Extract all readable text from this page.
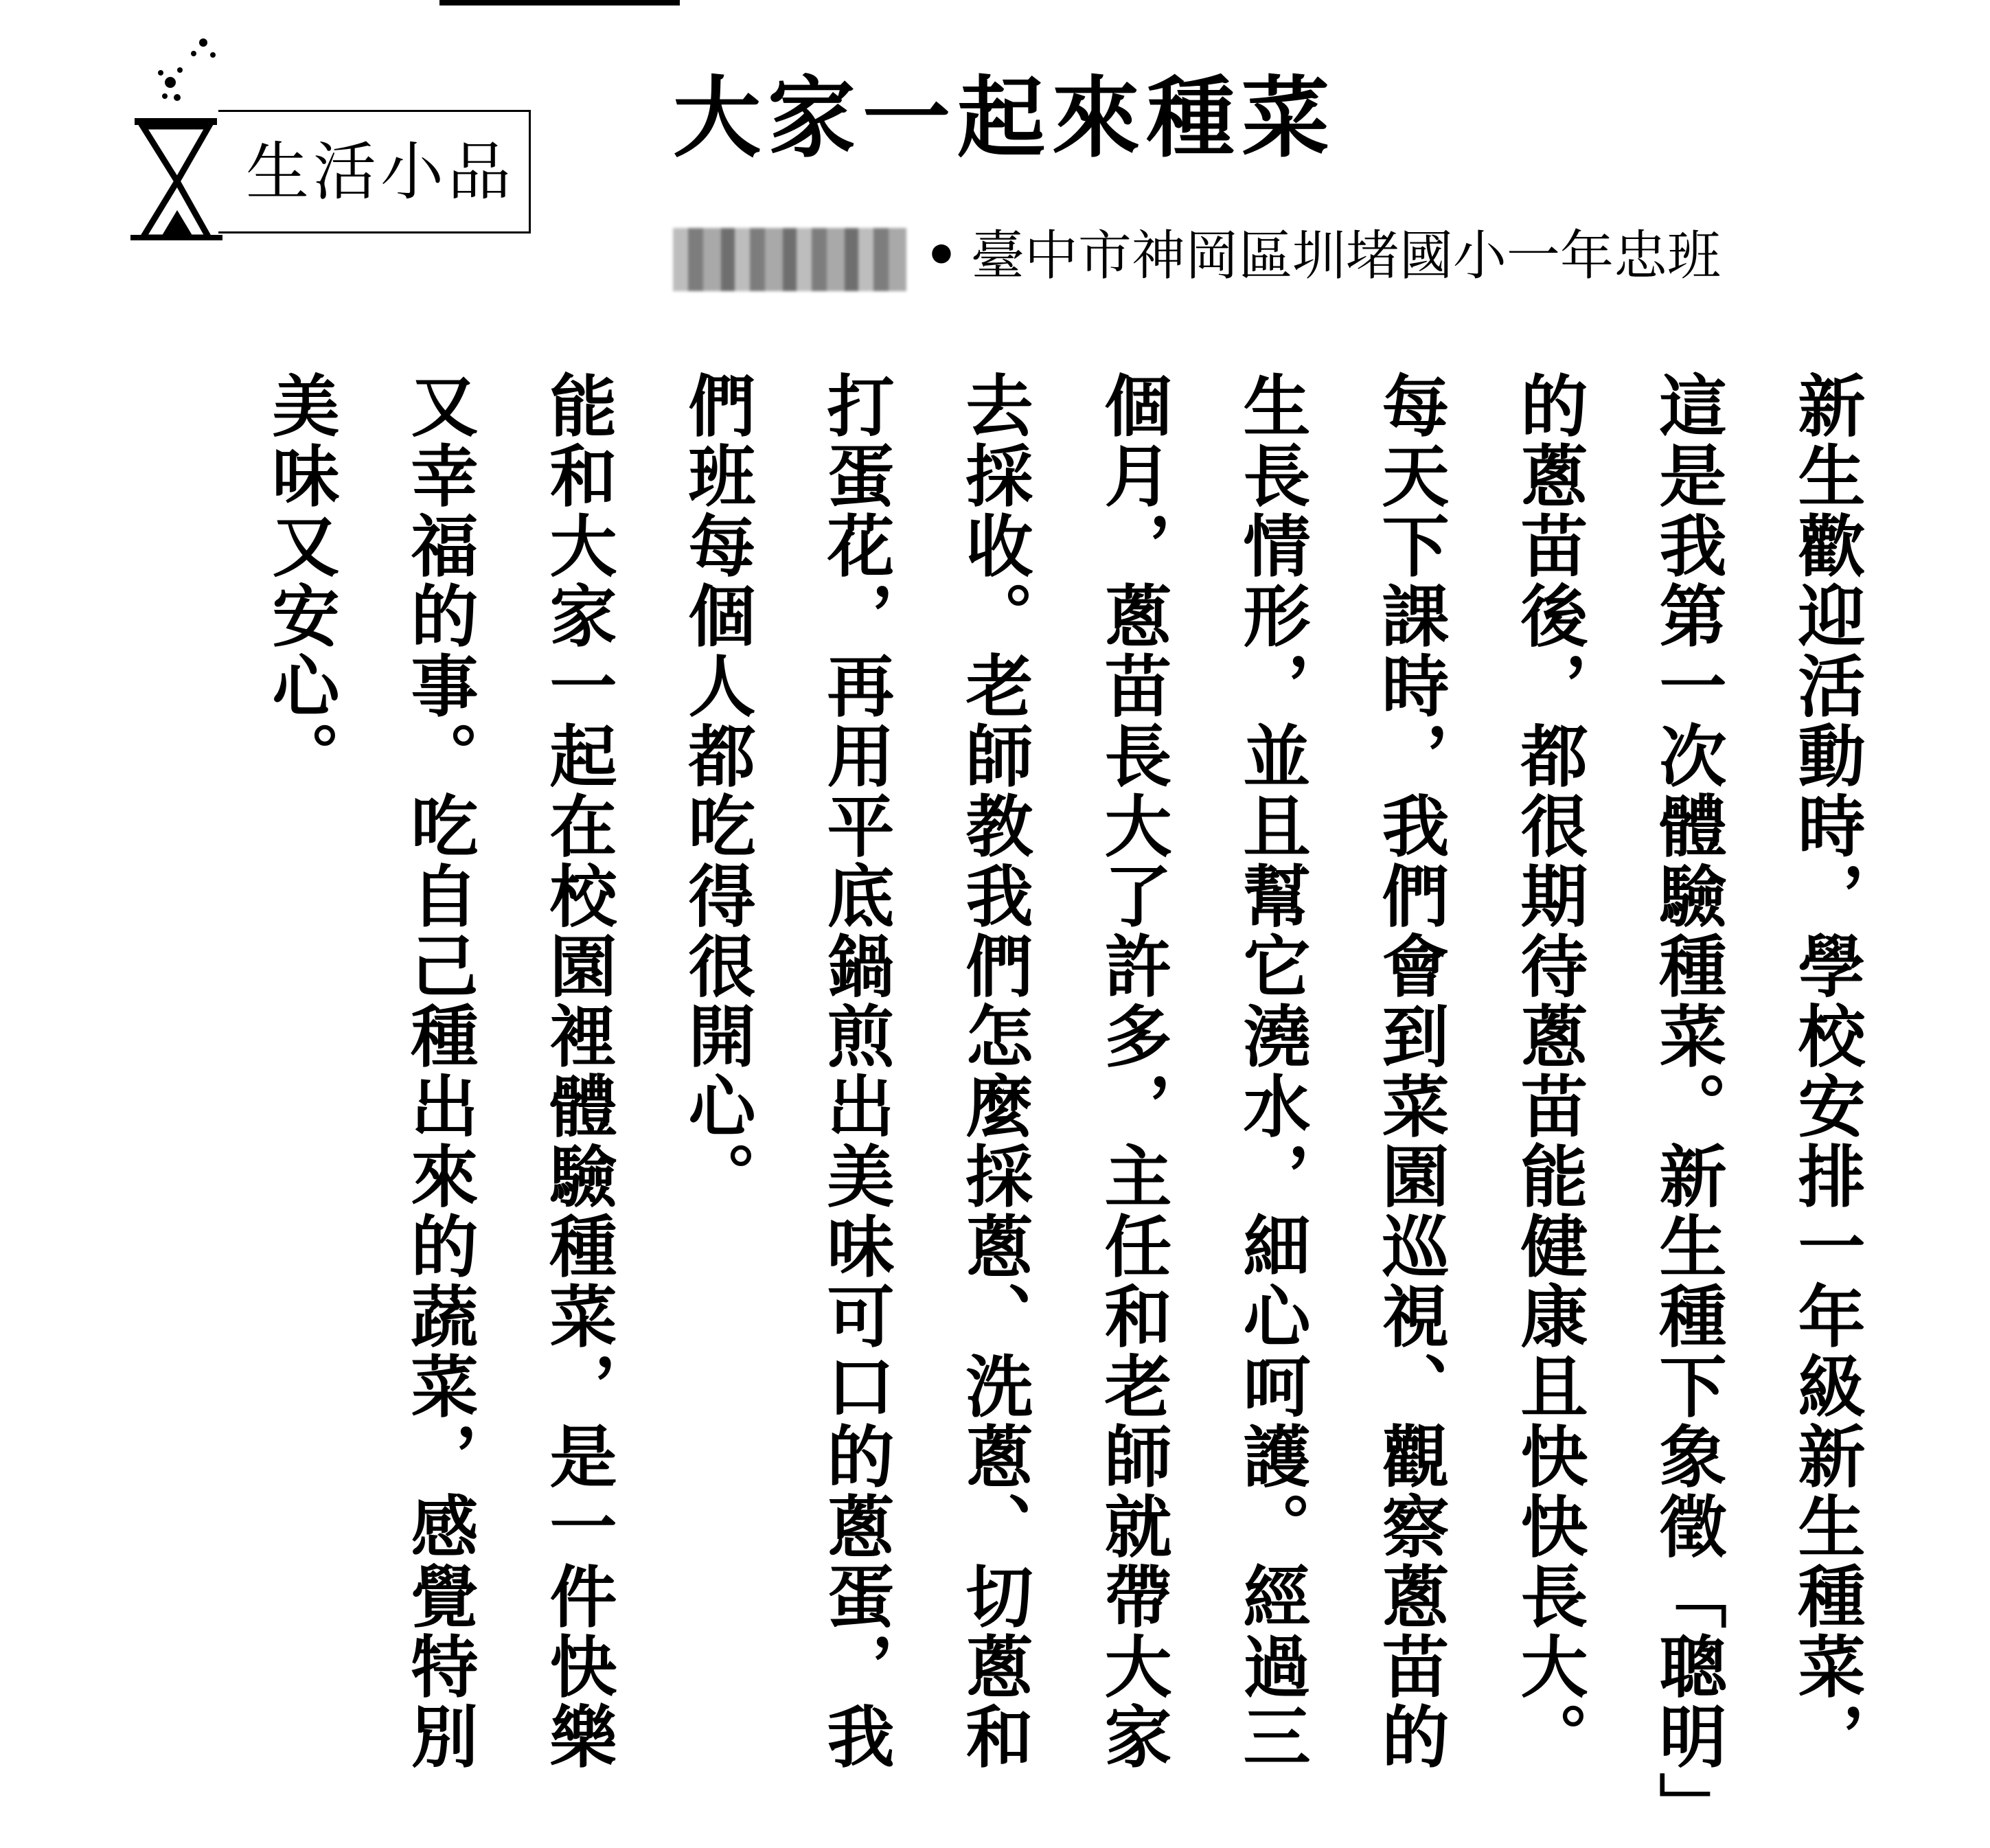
生活小品
大家一起來種菜
• 臺中市神岡區圳堵國小一年忠班

新生歡迎活動時，學校安排一年級新生種菜，這是我第一次體驗種菜。新生種下象徵「聰明」的蔥苗後，都很期待蔥苗能健康且快快長大。

每天下課時，我們會到菜園巡視、觀察蔥苗的生長情形，並且幫它澆水，細心呵護。經過三個月，蔥苗長大了許多，主任和老師就帶大家去採收。老師教我們怎麼採蔥、洗蔥、切蔥和打蛋花，再用平底鍋煎出美味可口的蔥蛋，我們班每個人都吃得很開心。

能和大家一起在校園裡體驗種菜，是一件快樂又幸福的事。吃自己種出來的蔬菜，感覺特別美味又安心。
